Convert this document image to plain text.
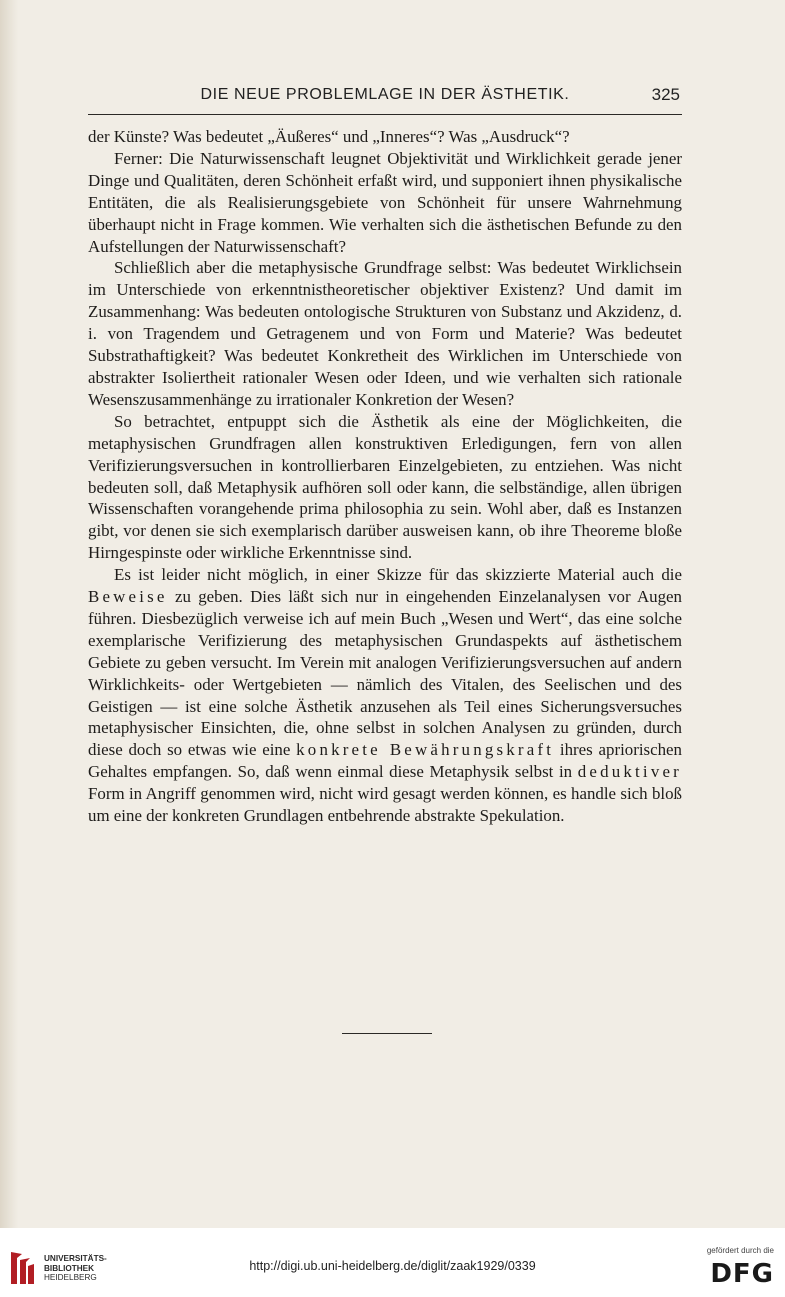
DIE NEUE PROBLEMLAGE IN DER ÄSTHETIK.	325

der Künste? Was bedeutet „Äußeres“ und „Inneres“? Was „Ausdruck“?

Ferner: Die Naturwissenschaft leugnet Objektivität und Wirklichkeit gerade jener Dinge und Qualitäten, deren Schönheit erfaßt wird, und supponiert ihnen physikalische Entitäten, die als Realisierungsgebiete von Schönheit für unsere Wahrnehmung überhaupt nicht in Frage kommen. Wie verhalten sich die ästhetischen Befunde zu den Aufstellungen der Naturwissenschaft?

Schließlich aber die metaphysische Grundfrage selbst: Was bedeutet Wirklichsein im Unterschiede von erkenntnistheoretischer objektiver Existenz? Und damit im Zusammenhang: Was bedeuten ontologische Strukturen von Substanz und Akzidenz, d. i. von Tragendem und Getragenem und von Form und Materie? Was bedeutet Substrathaftigkeit? Was bedeutet Konkretheit des Wirklichen im Unterschiede von abstrakter Isoliertheit rationaler Wesen oder Ideen, und wie verhalten sich rationale Wesenszusammenhänge zu irrationaler Konkretion der Wesen?

So betrachtet, entpuppt sich die Ästhetik als eine der Möglichkeiten, die metaphysischen Grundfragen allen konstruktiven Erledigungen, fern von allen Verifizierungsversuchen in kontrollierbaren Einzelgebieten, zu entziehen. Was nicht bedeuten soll, daß Metaphysik aufhören soll oder kann, die selbständige, allen übrigen Wissenschaften vorangehende prima philosophia zu sein. Wohl aber, daß es Instanzen gibt, vor denen sie sich exemplarisch darüber ausweisen kann, ob ihre Theoreme bloße Hirngespinste oder wirkliche Erkenntnisse sind.

Es ist leider nicht möglich, in einer Skizze für das skizzierte Material auch die Beweise zu geben. Dies läßt sich nur in eingehenden Einzelanalysen vor Augen führen. Diesbezüglich verweise ich auf mein Buch „Wesen und Wert“, das eine solche exemplarische Verifizierung des metaphysischen Grundaspekts auf ästhetischem Gebiete zu geben versucht. Im Verein mit analogen Verifizierungsversuchen auf andern Wirklichkeits- oder Wertgebieten — nämlich des Vitalen, des Seelischen und des Geistigen — ist eine solche Ästhetik anzusehen als Teil eines Sicherungsversuches metaphysischer Einsichten, die, ohne selbst in solchen Analysen zu gründen, durch diese doch so etwas wie eine konkrete Bewährungskraft ihres apriorischen Gehaltes empfangen. So, daß wenn einmal diese Metaphysik selbst in deduktiver Form in Angriff genommen wird, nicht wird gesagt werden können, es handle sich bloß um eine der konkreten Grundlagen entbehrende abstrakte Spekulation.

UNIVERSITÄTS-
BIBLIOTHEK
HEIDELBERG
http://digi.ub.uni-heidelberg.de/diglit/zaak1929/0339
gefördert durch die
DFG
